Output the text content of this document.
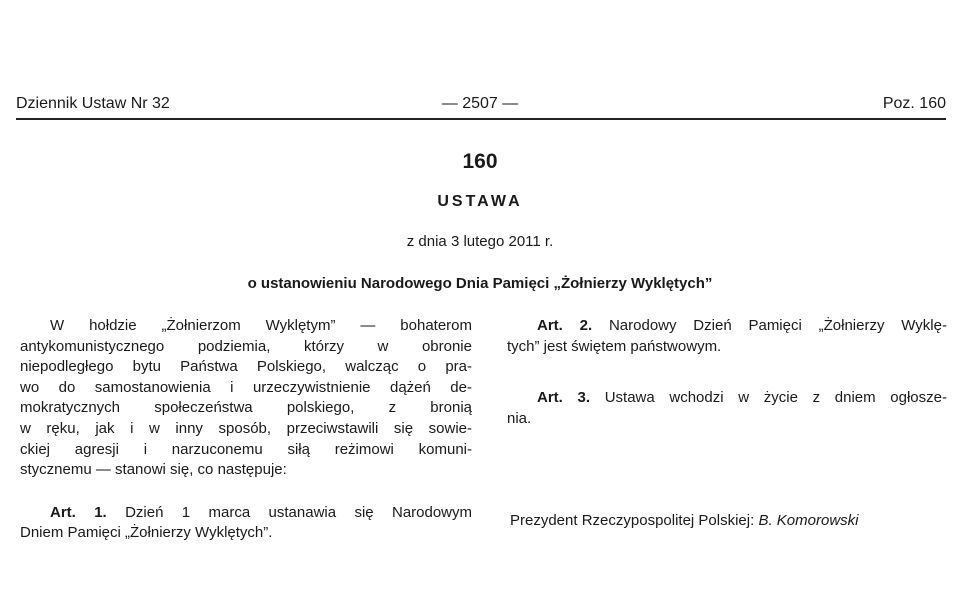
Dziennik Ustaw Nr 32	— 2507 —	Poz. 160
160
USTAWA
z dnia 3 lutego 2011 r.
o ustanowieniu Narodowego Dnia Pamięci „Żołnierzy Wyklętych”

W hołdzie „Żołnierzom Wyklętym” — bohaterom

antykomunistycznego podziemia, którzy w obronie

niepodległego bytu Państwa Polskiego, walcząc o pra-

wo do samostanowienia i urzeczywistnienie dążeń de-

mokratycznych społeczeństwa polskiego, z bronią

w ręku, jak i w inny sposób, przeciwstawili się sowie-

ckiej agresji i narzuconemu siłą reżimowi komuni-

stycznemu — stanowi się, co następuje:

Art. 1. Dzień 1 marca ustanawia się Narodowym

Dniem Pamięci „Żołnierzy Wyklętych”.

Art. 2. Narodowy Dzień Pamięci „Żołnierzy Wyklę-

tych” jest świętem państwowym.

Art. 3. Ustawa wchodzi w życie z dniem ogłosze-

nia.

Prezydent Rzeczypospolitej Polskiej: B. Komorowski
